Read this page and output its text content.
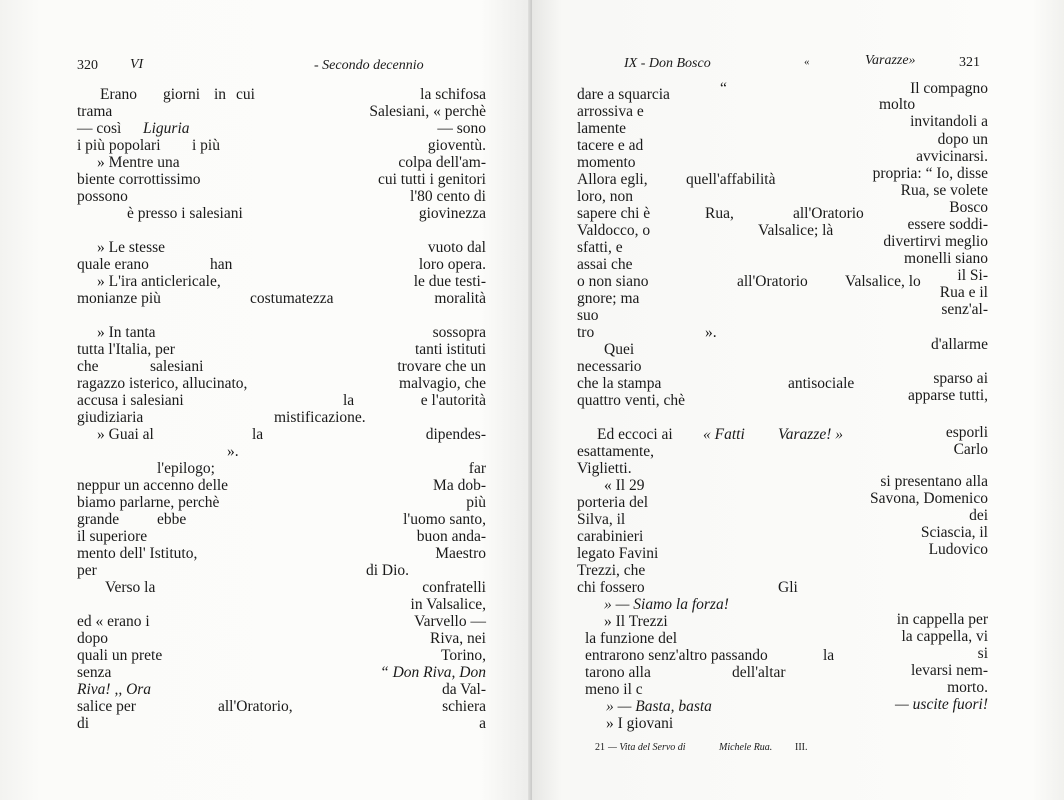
320 VI	- Secondo decennio
Erano giorni in cui
trama
— così Liguria
i più popolari i più
» Mentre una
biente corrottissimo
possono
è presso i salesiani
» Le stesse
quale erano	han
» L'ira anticlericale,
monianze più	costumatezza
» In tanta
tutta l'Italia, per
che	salesiani
ragazzo isterico, allucinato,
accusa i salesiani	la
giudiziaria	mistificazione.
» Guai al	la
».
l'epilogo;
neppur un accenno delle
biamo parlarne, perchè
grande ebbe
il superiore
mento dell' Istituto,
per
Verso la
ed « erano i
dopo
quali un prete
senza
Riva! ,, Ora
salice per	all'Oratorio,
di
la schifosa
Salesiani, « perchè
— sono
gioventù.
colpa dell'am-
cui tutti i genitori
l'80 cento di
giovinezza
vuoto dal
loro opera.
le due testi-
moralità
sossopra
tanti istituti
trovare che un
malvagio, che
e l'autorità
dipendes-
far
Ma dob-
più
l'uomo santo,
buon anda-
Maestro
di Dio.
confratelli
in Valsalice,
Varvello —
Riva, nei
Torino,
“ Don Riva, Don
da Val-
schiera
a
IX - Don Bosco	«	Varazze»	321
dare a squarcia	“
arrossiva e
lamente
tacere e ad
momento
Allora egli, quell'affabilità
loro, non
sapere chi è	Rua,	all'Oratorio
Valdocco, o	Valsalice; là
sfatti, e
assai che
o non siano	all'Oratorio Valsalice, lo
gnore; ma
suo
tro	».
Quei
necessario
che la stampa	antisociale
quattro venti, chè
Ed eccoci ai « Fatti Varazze! »
esattamente,
Viglietti.
« Il 29
porteria del
Silva, il
carabinieri
legato Favini
Trezzi, che
chi fossero	Gli
» — Siamo la forza!
» Il Trezzi
la funzione del
entrarono senz'altro passando	la
tarono alla	dell'altar
meno il c
» — Basta, basta
» I giovani
Il compagno
molto
invitandoli a
dopo un
avvicinarsi.
propria: “ Io, disse
Rua, se volete
Bosco
essere soddi-
divertirvi meglio
monelli siano
il Si-
Rua e il
senz'al-
d'allarme
sparso ai
apparse tutti,
esporli
Carlo
si presentano alla
Savona, Domenico
dei
Sciascia, il
Ludovico
in cappella per
la cappella, vi
si
levarsi nem-
morto.
— uscite fuori!
21 — Vita del Servo di	Michele Rua. III.
